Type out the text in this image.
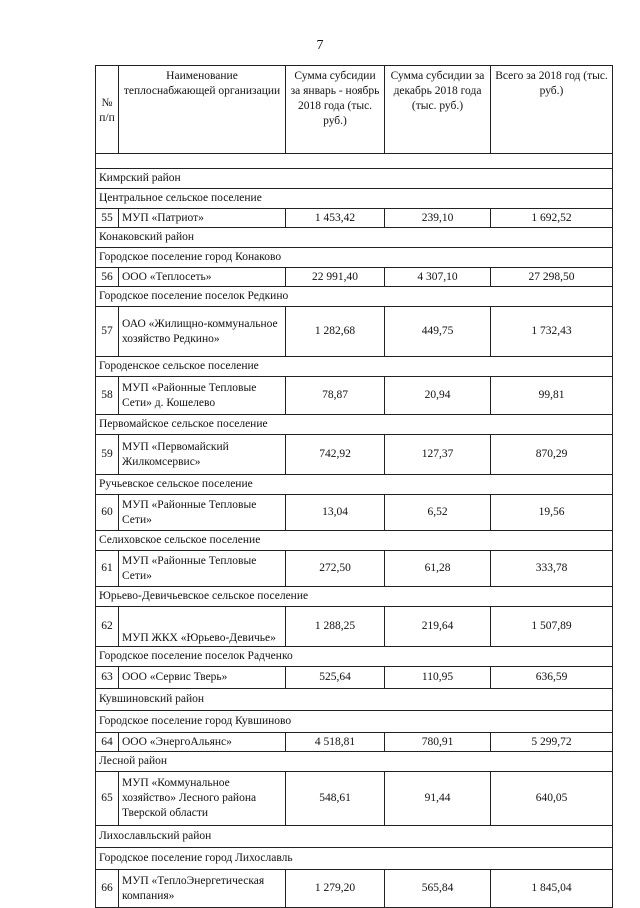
7
№ п/п	Наименование теплоснабжающей организации	Сумма субсидии за январь - ноябрь 2018 года (тыс. руб.)	Сумма субсидии за декабрь 2018 года (тыс. руб.)	Всего за 2018 год (тыс. руб.)

Кимрский район				
Центральное сельское поселение				
55	МУП «Патриот»	1 453,42	239,10	1 692,52
Конаковский район				
Городское поселение город Конаково				
56	ООО «Теплосеть»	22 991,40	4 307,10	27 298,50
Городское поселение поселок Редкино				
57	ОАО «Жилищно-коммунальное хозяйство Редкино»	1 282,68	449,75	1 732,43
Городенское сельское поселение				
58	МУП «Районные Тепловые Сети» д. Кошелево	78,87	20,94	99,81
Первомайское сельское поселение				
59	МУП «Первомайский Жилкомсервис»	742,92	127,37	870,29
Ручьевское сельское поселение				
60	МУП «Районные Тепловые Сети»	13,04	6,52	19,56
Селиховское сельское поселение				
61	МУП «Районные Тепловые Сети»	272,50	61,28	333,78
Юрьево-Девичьевское сельское поселение				
62	МУП ЖКХ «Юрьево-Девичье»	1 288,25	219,64	1 507,89
Городское поселение поселок Радченко				
63	ООО «Сервис Тверь»	525,64	110,95	636,59
Кувшиновский район				
Городское поселение город Кувшиново				
64	ООО «ЭнергоАльянс»	4 518,81	780,91	5 299,72
Лесной район				
65	МУП «Коммунальное хозяйство» Лесного района Тверской области	548,61	91,44	640,05
Лихославльский район				
Городское поселение город Лихославль				
66	МУП «ТеплоЭнергетическая компания»	1 279,20	565,84	1 845,04
